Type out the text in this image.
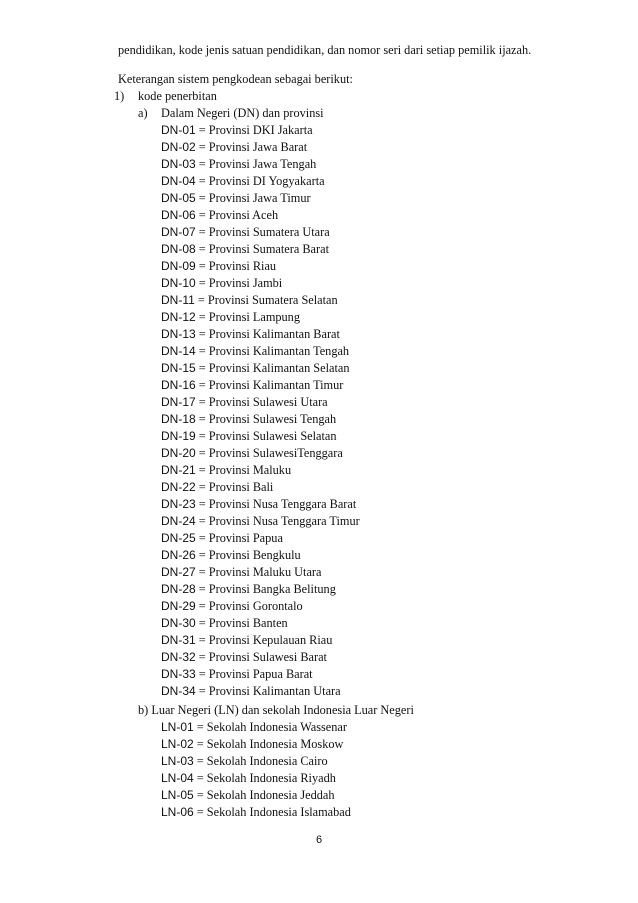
pendidikan, kode jenis satuan pendidikan, dan nomor seri dari setiap pemilik ijazah.
Keterangan sistem pengkodean sebagai berikut:
1) kode penerbitan
a) Dalam Negeri (DN) dan provinsi
DN-01 = Provinsi DKI Jakarta
DN-02 = Provinsi Jawa Barat
DN-03 = Provinsi Jawa Tengah
DN-04 = Provinsi DI Yogyakarta
DN-05 = Provinsi Jawa Timur
DN-06 = Provinsi Aceh
DN-07 = Provinsi Sumatera Utara
DN-08 = Provinsi Sumatera Barat
DN-09 = Provinsi Riau
DN-10 = Provinsi Jambi
DN-11 = Provinsi Sumatera Selatan
DN-12 = Provinsi Lampung
DN-13 = Provinsi Kalimantan Barat
DN-14 = Provinsi Kalimantan Tengah
DN-15 = Provinsi Kalimantan Selatan
DN-16 = Provinsi Kalimantan Timur
DN-17 = Provinsi Sulawesi Utara
DN-18 = Provinsi Sulawesi Tengah
DN-19 = Provinsi Sulawesi Selatan
DN-20 = Provinsi SulawesiTenggara
DN-21 = Provinsi Maluku
DN-22 = Provinsi Bali
DN-23 = Provinsi Nusa Tenggara Barat
DN-24 = Provinsi Nusa Tenggara Timur
DN-25 = Provinsi Papua
DN-26 = Provinsi Bengkulu
DN-27 = Provinsi Maluku Utara
DN-28 = Provinsi Bangka Belitung
DN-29 = Provinsi Gorontalo
DN-30 = Provinsi Banten
DN-31 = Provinsi Kepulauan Riau
DN-32 = Provinsi Sulawesi Barat
DN-33 = Provinsi Papua Barat
DN-34 = Provinsi Kalimantan Utara
b) Luar Negeri (LN) dan sekolah Indonesia Luar Negeri
LN-01 = Sekolah Indonesia Wassenar
LN-02 = Sekolah Indonesia Moskow
LN-03 = Sekolah Indonesia Cairo
LN-04 = Sekolah Indonesia Riyadh
LN-05 = Sekolah Indonesia Jeddah
LN-06 = Sekolah Indonesia Islamabad
6
